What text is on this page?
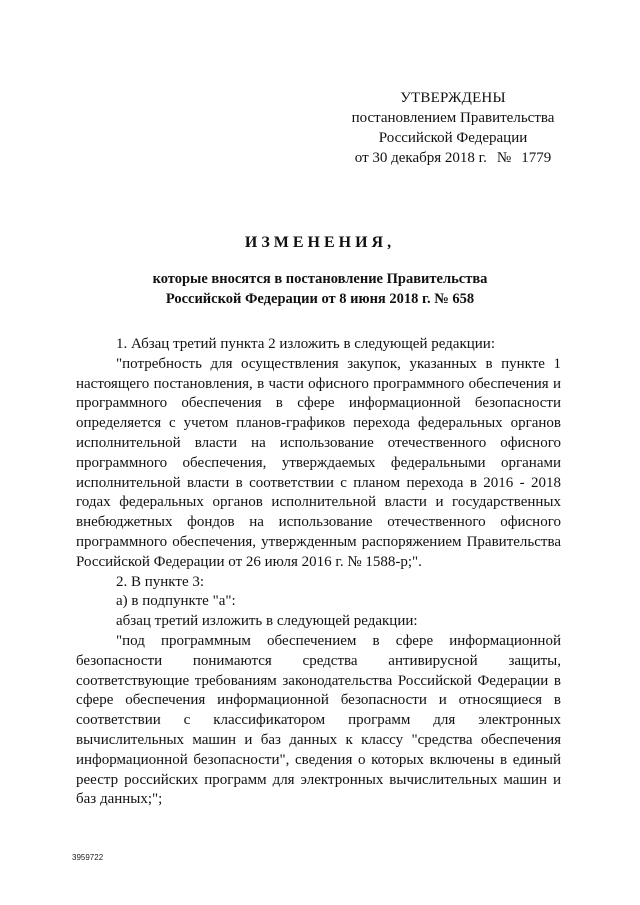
УТВЕРЖДЕНЫ
постановлением Правительства
Российской Федерации
от 30 декабря 2018 г. № 1779
ИЗМЕНЕНИЯ,
которые вносятся в постановление Правительства
Российской Федерации от 8 июня 2018 г. № 658

1. Абзац третий пункта 2 изложить в следующей редакции:

"потребность для осуществления закупок, указанных в пункте 1 настоящего постановления, в части офисного программного обеспечения и программного обеспечения в сфере информационной безопасности определяется с учетом планов-графиков перехода федеральных органов исполнительной власти на использование отечественного офисного программного обеспечения, утверждаемых федеральными органами исполнительной власти в соответствии с планом перехода в 2016 - 2018 годах федеральных органов исполнительной власти и государственных внебюджетных фондов на использование отечественного офисного программного обеспечения, утвержденным распоряжением Правительства Российской Федерации от 26 июля 2016 г. № 1588-р;".

2. В пункте 3:

а) в подпункте "а":

абзац третий изложить в следующей редакции:

"под программным обеспечением в сфере информационной безопасности понимаются средства антивирусной защиты, соответствующие требованиям законодательства Российской Федерации в сфере обеспечения информационной безопасности и относящиеся в соответствии с классификатором программ для электронных вычислительных машин и баз данных к классу "средства обеспечения информационной безопасности", сведения о которых включены в единый реестр российских программ для электронных вычислительных машин и баз данных;";

3959722
